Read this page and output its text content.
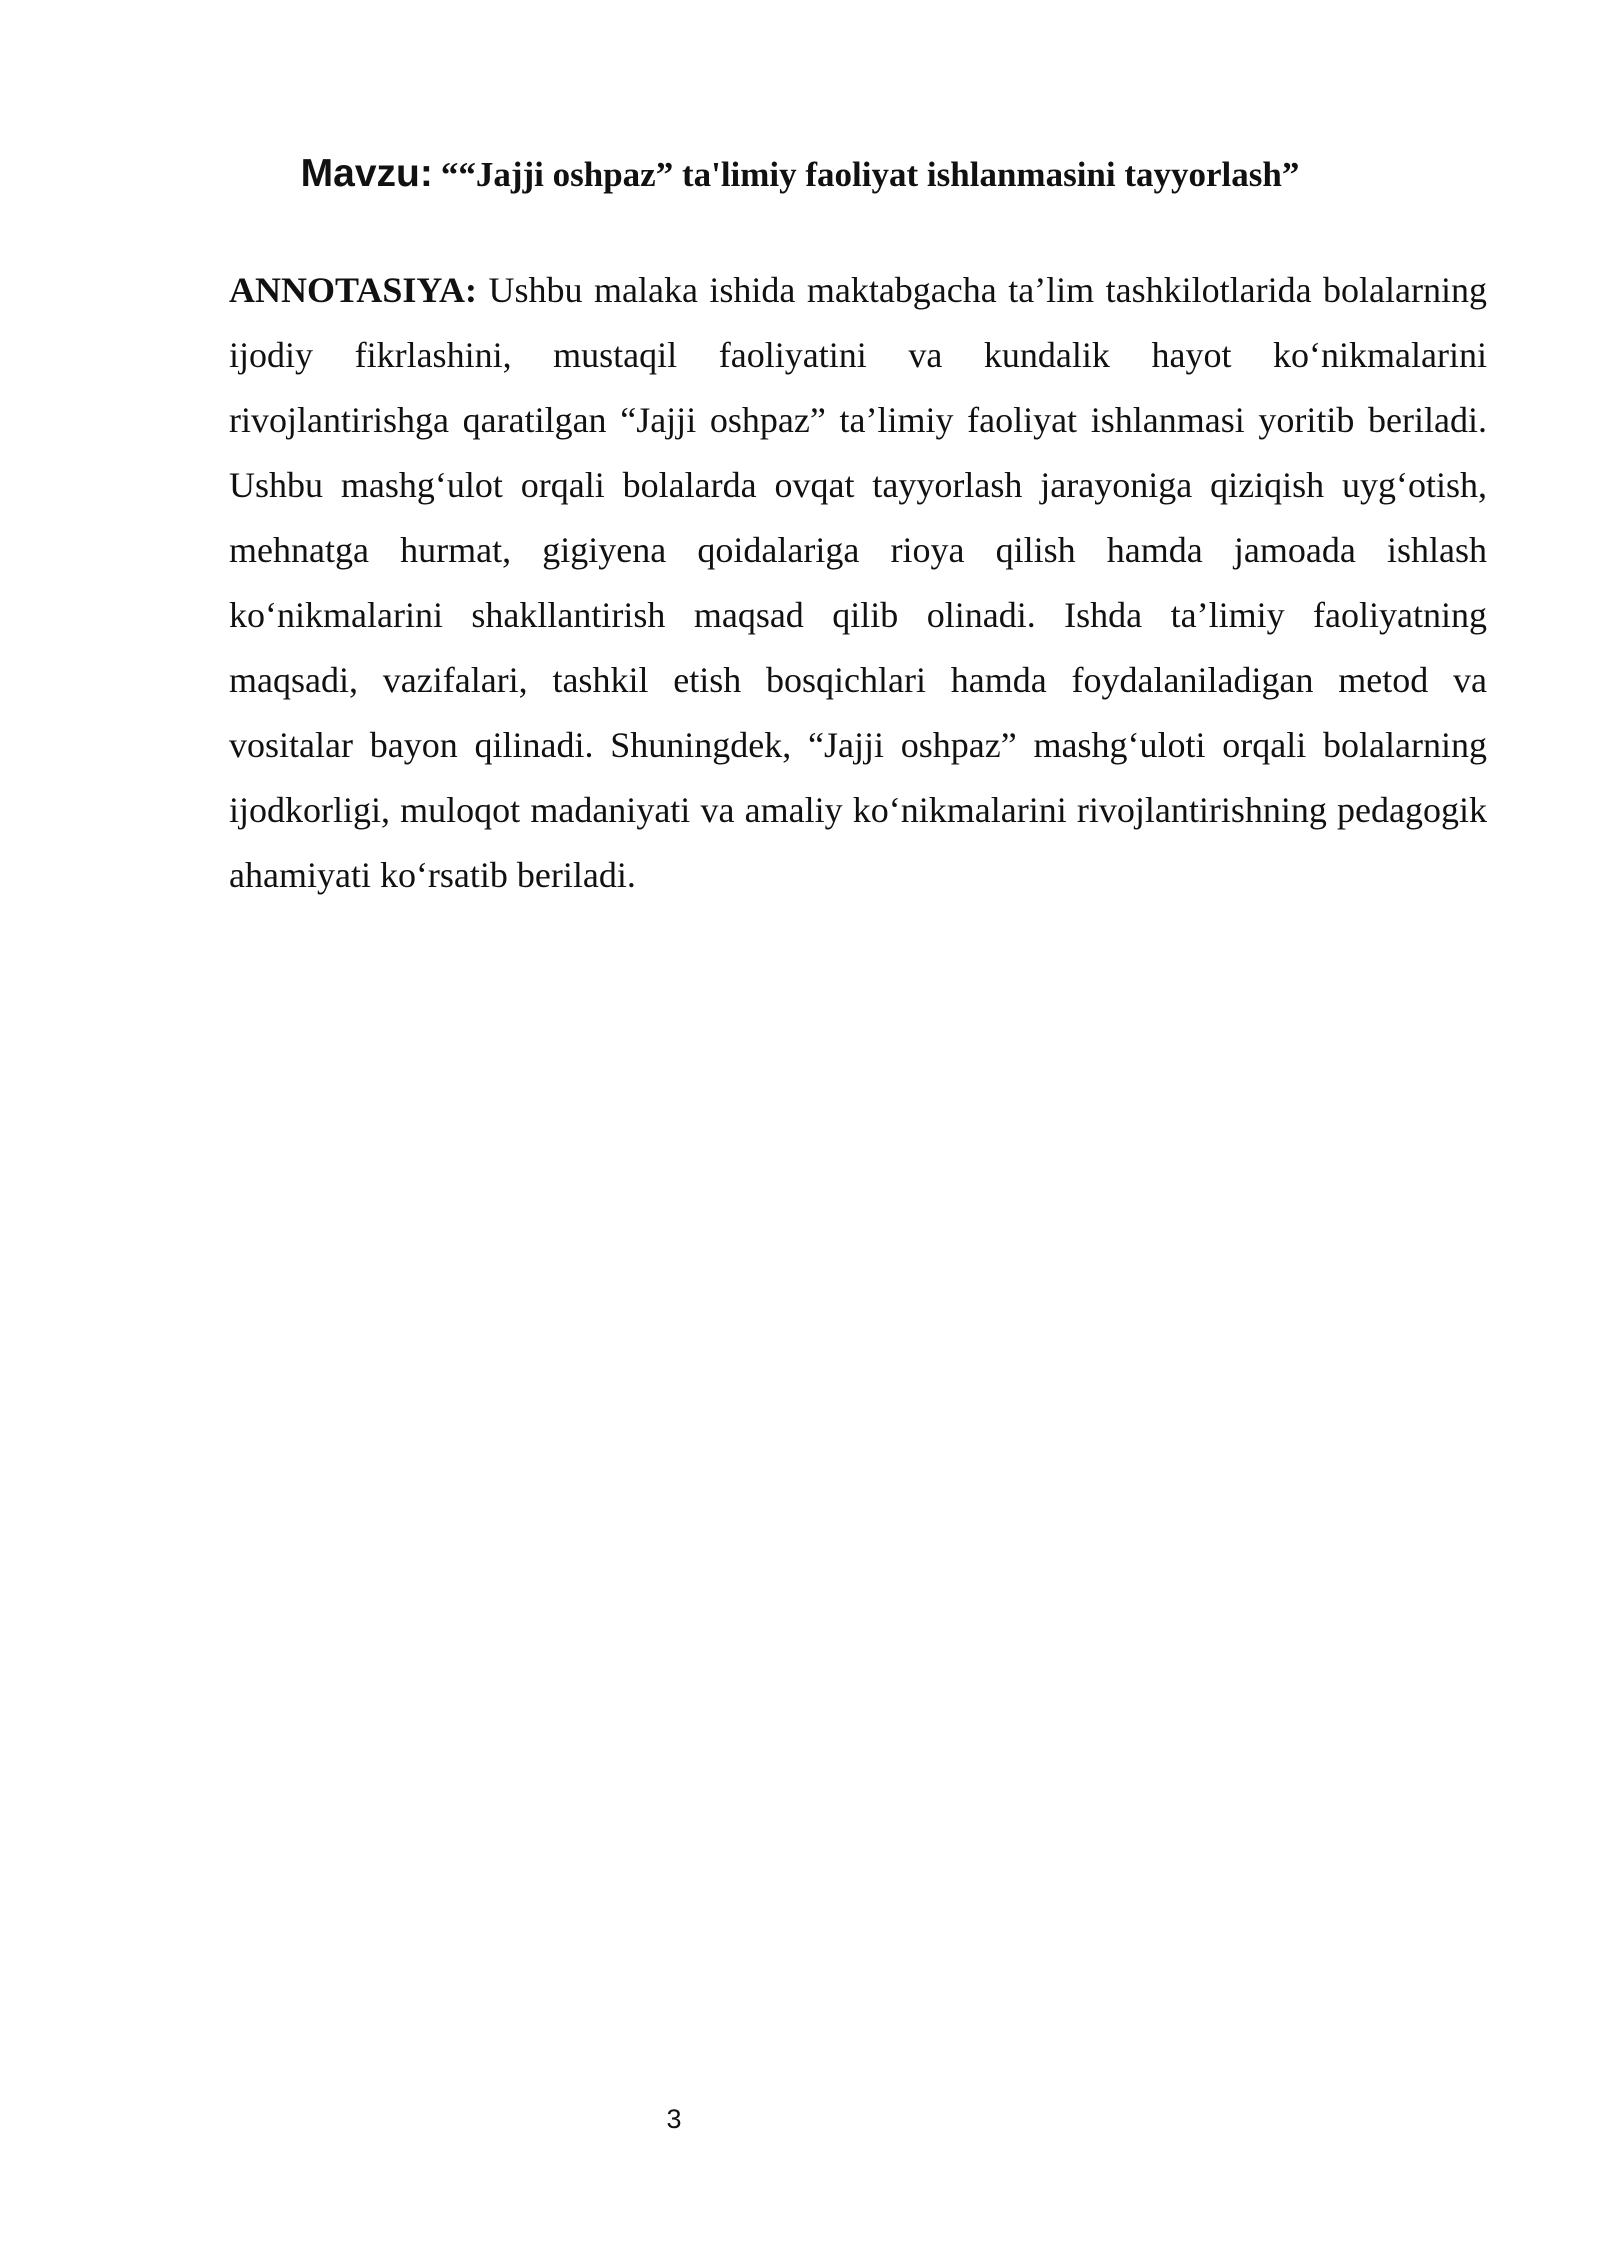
Mavzu: ““Jajji oshpaz” ta'limiy faoliyat ishlanmasini tayyorlash”

ANNOTASIYA: Ushbu malaka ishida maktabgacha ta’lim tashkilotlarida bolalarning ijodiy fikrlashini, mustaqil faoliyatini va kundalik hayot ko‘nikmalarini rivojlantirishga qaratilgan “Jajji oshpaz” ta’limiy faoliyat ishlanmasi yoritib beriladi. Ushbu mashg‘ulot orqali bolalarda ovqat tayyorlash jarayoniga qiziqish uyg‘otish, mehnatga hurmat, gigiyena qoidalariga rioya qilish hamda jamoada ishlash ko‘nikmalarini shakllantirish maqsad qilib olinadi. Ishda ta’limiy faoliyatning maqsadi, vazifalari, tashkil etish bosqichlari hamda foydalaniladigan metod va vositalar bayon qilinadi. Shuningdek, “Jajji oshpaz” mashg‘uloti orqali bolalarning ijodkorligi, muloqot madaniyati va amaliy ko‘nikmalarini rivojlantirishning pedagogik ahamiyati ko‘rsatib beriladi.

3
